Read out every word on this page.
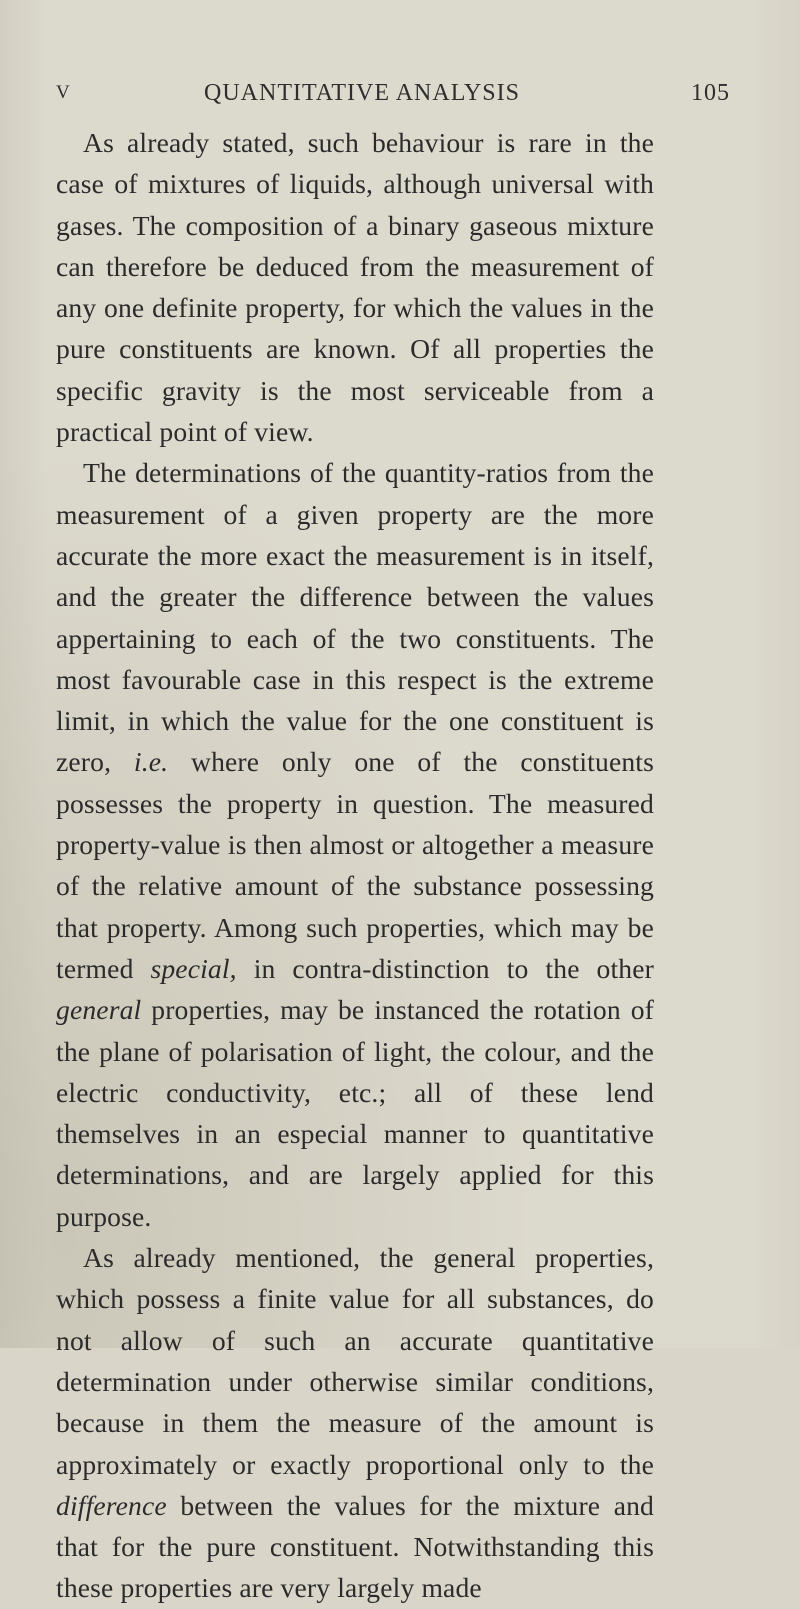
V	QUANTITATIVE ANALYSIS	105

As already stated, such behaviour is rare in the case of mixtures of liquids, although universal with gases. The composition of a binary gaseous mixture can therefore be deduced from the measurement of any one definite property, for which the values in the pure constituents are known. Of all properties the specific gravity is the most serviceable from a practical point of view.

The determinations of the quantity-ratios from the measurement of a given property are the more accurate the more exact the measurement is in itself, and the greater the difference between the values appertaining to each of the two constituents. The most favourable case in this respect is the extreme limit, in which the value for the one constituent is zero, i.e. where only one of the constituents possesses the property in question. The measured property-value is then almost or altogether a measure of the relative amount of the substance possessing that property. Among such properties, which may be termed special, in contra-distinction to the other general properties, may be instanced the rotation of the plane of polarisation of light, the colour, and the electric conductivity, etc.; all of these lend themselves in an especial manner to quantitative determinations, and are largely applied for this purpose.

As already mentioned, the general properties, which possess a finite value for all substances, do not allow of such an accurate quantitative determination under otherwise similar conditions, because in them the measure of the amount is approximately or exactly proportional only to the difference between the values for the mixture and that for the pure constituent. Notwithstanding this these properties are very largely made
